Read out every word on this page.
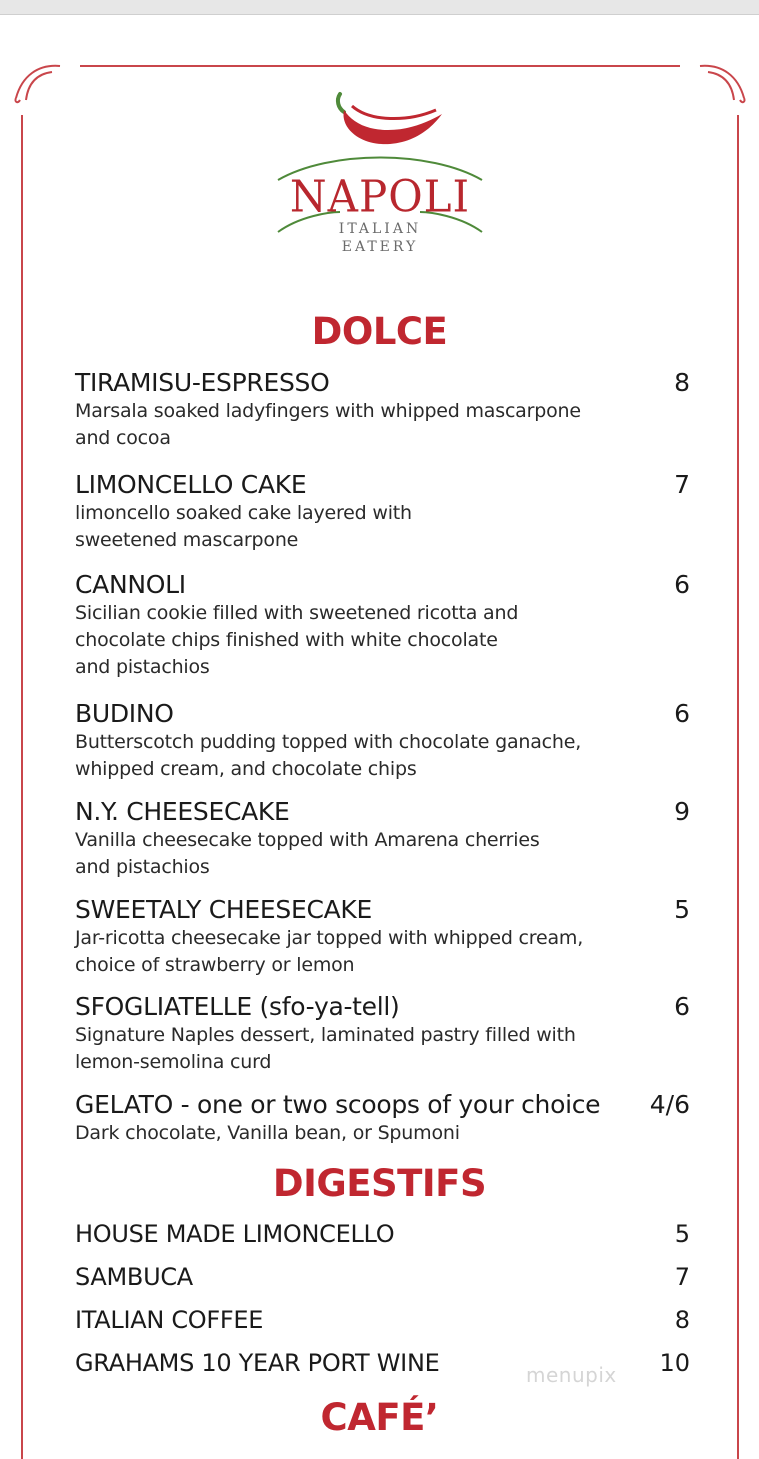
NAPOLI
ITALIAN
EATERY
DOLCE
TIRAMISU-ESPRESSO	8
Marsala soaked ladyfingers with whipped mascarpone
and cocoa
LIMONCELLO CAKE	7
limoncello soaked cake layered with
sweetened mascarpone
CANNOLI	6
Sicilian cookie filled with sweetened ricotta and
chocolate chips finished with white chocolate
and pistachios
BUDINO	6
Butterscotch pudding topped with chocolate ganache,
whipped cream, and chocolate chips
N.Y. CHEESECAKE	9
Vanilla cheesecake topped with Amarena cherries
and pistachios
SWEETALY CHEESECAKE	5
Jar-ricotta cheesecake jar topped with whipped cream,
choice of strawberry or lemon
SFOGLIATELLE (sfo-ya-tell)	6
Signature Naples dessert, laminated pastry filled with
lemon-semolina curd
GELATO - one or two scoops of your choice 4/6
Dark chocolate, Vanilla bean, or Spumoni
DIGESTIFS
HOUSE MADE LIMONCELLO	5
SAMBUCA	7
ITALIAN COFFEE	8
GRAHAMS 10 YEAR PORT WINE	10
menupix
CAFÉ’
